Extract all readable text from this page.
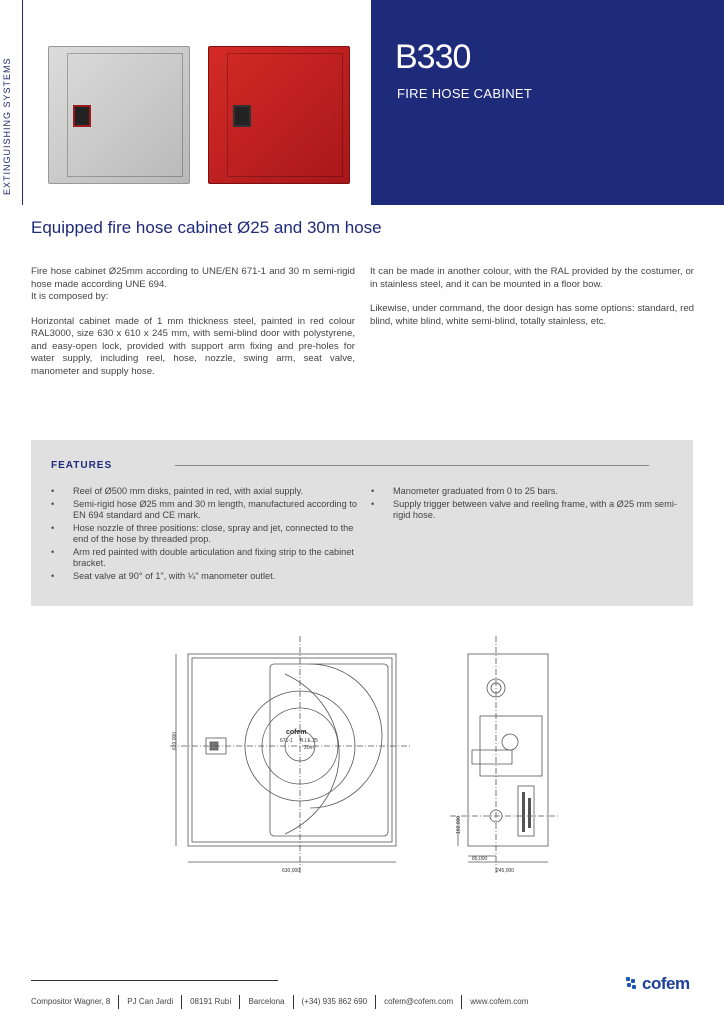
EXTINGUISHING SYSTEMS
B330
FIRE HOSE CABINET
Equipped fire hose cabinet Ø25 and 30m hose

Fire hose cabinet Ø25mm according to UNE/EN 671-1 and 30 m semi-rigid hose made according UNE 694.
It is composed by:

Horizontal cabinet made of 1 mm thickness steel, painted in red colour RAL3000, size 630 x 610 x 245 mm, with semi-blind door with polystyrene, and easy-open lock, provided with support arm fixing and pre-holes for water supply, including reel, hose, nozzle, swing arm, seat valve, manometer and supply hose.

It can be made in another colour, with the RAL provided by the costumer, or in stainless steel, and it can be mounted in a floor bow.

Likewise, under command, the door design has some options: standard, red blind, white blind, white semi-blind, totally stainless, etc.

FEATURES
• Reel of Ø500 mm disks, painted in red, with axial supply.
• Semi-rigid hose Ø25 mm and 30 m length, manufactured according to EN 694 standard and CE mark.
• Hose nozzle of three positions: close, spray and jet, connected to the end of the hose by threaded prop.
• Arm red painted with double articulation and fixing strip to the cabinet bracket.
• Seat valve at 90° of 1", with ¼" manometer outlet.
• Manometer graduated from 0 to 25 bars.
• Supply trigger between valve and reeling frame, with a Ø25 mm semi-rigid hose.
610,000
630,000	245,000
85,000
102,000
cofem
671-1 B.I.E.25
20m
Compositor Wagner, 8	PJ Can Jardi	08191 Rubí	Barcelona	(+34) 935 862 690	cofem@cofem.com	www.cofem.com
cofem
